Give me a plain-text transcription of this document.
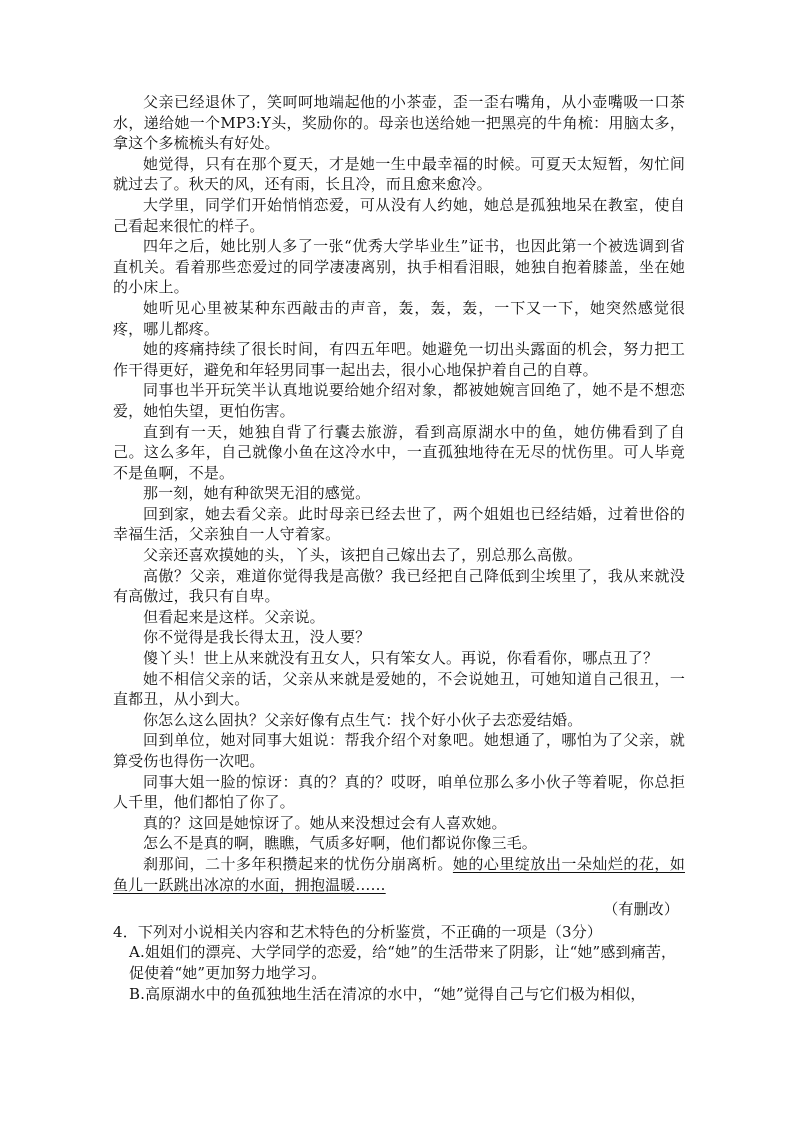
父亲已经退休了，笑呵呵地端起他的小茶壶，歪一歪右嘴角，从小壶嘴吸一口茶水，递给她一个MP3:Y头，奖励你的。母亲也送给她一把黑亮的牛角梳：用脑太多，拿这个多梳梳头有好处。

她觉得，只有在那个夏天，才是她一生中最幸福的时候。可夏天太短暂，匆忙间就过去了。秋天的风，还有雨，长且冷，而且愈来愈冷。

大学里，同学们开始悄悄恋爱，可从没有人约她，她总是孤独地呆在教室，使自己看起来很忙的样子。

四年之后，她比别人多了一张“优秀大学毕业生”证书，也因此第一个被选调到省直机关。看着那些恋爱过的同学凄凄离别，执手相看泪眼，她独自抱着膝盖，坐在她的小床上。

她听见心里被某种东西敲击的声音，轰，轰，轰，一下又一下，她突然感觉很疼，哪儿都疼。

她的疼痛持续了很长时间，有四五年吧。她避免一切出头露面的机会，努力把工作干得更好，避免和年轻男同事一起出去，很小心地保护着自己的自尊。

同事也半开玩笑半认真地说要给她介绍对象，都被她婉言回绝了，她不是不想恋爱，她怕失望，更怕伤害。

直到有一天，她独自背了行囊去旅游，看到高原湖水中的鱼，她仿佛看到了自己。这么多年，自己就像小鱼在这冷水中，一直孤独地待在无尽的忧伤里。可人毕竟不是鱼啊，不是。

那一刻，她有种欲哭无泪的感觉。

回到家，她去看父亲。此时母亲已经去世了，两个姐姐也已经结婚，过着世俗的幸福生活，父亲独自一人守着家。

父亲还喜欢摸她的头，丫头，该把自己嫁出去了，别总那么高傲。

高傲？父亲，难道你觉得我是高傲？我已经把自己降低到尘埃里了，我从来就没有高傲过，我只有自卑。

但看起来是这样。父亲说。

你不觉得是我长得太丑，没人要？

傻丫头！世上从来就没有丑女人，只有笨女人。再说，你看看你，哪点丑了？

她不相信父亲的话，父亲从来就是爱她的，不会说她丑，可她知道自己很丑，一直都丑，从小到大。

你怎么这么固执？父亲好像有点生气：找个好小伙子去恋爱结婚。

回到单位，她对同事大姐说：帮我介绍个对象吧。她想通了，哪怕为了父亲，就算受伤也得伤一次吧。

同事大姐一脸的惊讶：真的？真的？哎呀，咱单位那么多小伙子等着呢，你总拒人千里，他们都怕了你了。

真的？这回是她惊讶了。她从来没想过会有人喜欢她。

怎么不是真的啊，瞧瞧，气质多好啊，他们都说你像三毛。

刹那间，二十多年积攒起来的忧伤分崩离析。她的心里绽放出一朵灿烂的花，如鱼儿一跃跳出冰凉的水面，拥抱温暖……

（有删改）

4．下列对小说相关内容和艺术特色的分析鉴赏，不正确的一项是（3分）

A.姐姐们的漂亮、大学同学的恋爱，给“她”的生活带来了阴影，让“她”感到痛苦，促使着“她”更加努力地学习。

B.高原湖水中的鱼孤独地生活在清凉的水中，“她”觉得自己与它们极为相似，
